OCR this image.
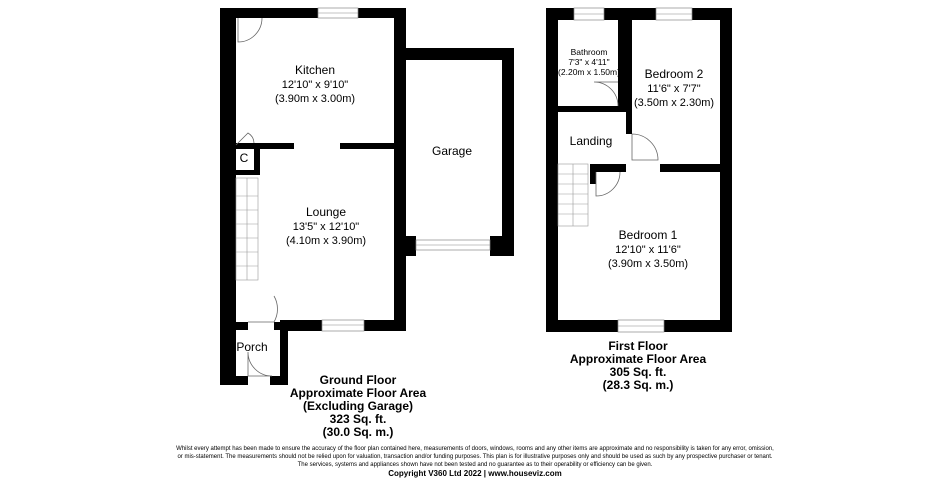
Kitchen
12'10" x 9'10"
(3.90m x 3.00m)
Lounge
13'5" x 12'10"
(4.10m x 3.90m)
Garage
Porch
C
Ground Floor
Approximate Floor Area
(Excluding Garage)
323 Sq. ft.
(30.0 Sq. m.)
Bathroom
7'3" x 4'11"
(2.20m x 1.50m) Bedroom 2
11'6" x 7'7"
(3.50m x 2.30m)
Landing
Bedroom 1
12'10" x 11'6"
(3.90m x 3.50m)
First Floor
Approximate Floor Area
305 Sq. ft.
(28.3 Sq. m.)
Whilst every attempt has been made to ensure the accuracy of the floor plan contained here, measurements of doors, windows, rooms and any other items are approximate and no responsibility is taken for any error, omission,
or mis-statement. The measurements should not be relied upon for valuation, transaction and/or funding purposes. This plan is for illustrative purposes only and should be used as such by any prospective purchaser or tenant.
The services, systems and appliances shown have not been tested and no guarantee as to their operability or efficiency can be given.
Copyright V360 Ltd 2022 | www.houseviz.com
